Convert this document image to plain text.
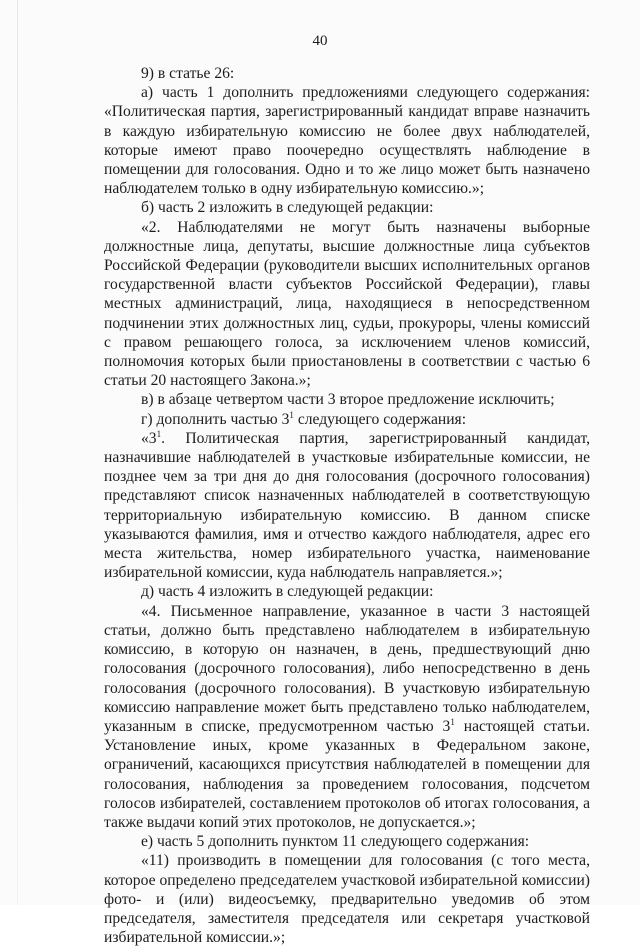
40

9) в статье 26:

а) часть 1 дополнить предложениями следующего содержания: «Политическая партия, зарегистрированный кандидат вправе назначить в каждую избирательную комиссию не более двух наблюдателей, которые имеют право поочередно осуществлять наблюдение в помещении для голосования. Одно и то же лицо может быть назначено наблюдателем только в одну избирательную комиссию.»;

б) часть 2 изложить в следующей редакции:

«2. Наблюдателями не могут быть назначены выборные должностные лица, депутаты, высшие должностные лица субъектов Российской Федерации (руководители высших исполнительных органов государственной власти субъектов Российской Федерации), главы местных администраций, лица, находящиеся в непосредственном подчинении этих должностных лиц, судьи, прокуроры, члены комиссий с правом решающего голоса, за исключением членов комиссий, полномочия которых были приостановлены в соответствии с частью 6 статьи 20 настоящего Закона.»;

в) в абзаце четвертом части 3 второе предложение исключить;

г) дополнить частью $3^1$ следующего содержания:

«$3^1$. Политическая партия, зарегистрированный кандидат, назначившие наблюдателей в участковые избирательные комиссии, не позднее чем за три дня до дня голосования (досрочного голосования) представляют список назначенных наблюдателей в соответствующую территориальную избирательную комиссию. В данном списке указываются фамилия, имя и отчество каждого наблюдателя, адрес его места жительства, номер избирательного участка, наименование избирательной комиссии, куда наблюдатель направляется.»;

д) часть 4 изложить в следующей редакции:

«4. Письменное направление, указанное в части 3 настоящей статьи, должно быть представлено наблюдателем в избирательную комиссию, в которую он назначен, в день, предшествующий дню голосования (досрочного голосования), либо непосредственно в день голосования (досрочного голосования). В участковую избирательную комиссию направление может быть представлено только наблюдателем, указанным в списке, предусмотренном частью $3^1$ настоящей статьи. Установление иных, кроме указанных в Федеральном законе, ограничений, касающихся присутствия наблюдателей в помещении для голосования, наблюдения за проведением голосования, подсчетом голосов избирателей, составлением протоколов об итогах голосования, а также выдачи копий этих протоколов, не допускается.»;

е) часть 5 дополнить пунктом 11 следующего содержания:

«11) производить в помещении для голосования (с того места, которое определено председателем участковой избирательной комиссии) фото- и (или) видеосъемку, предварительно уведомив об этом председателя, заместителя председателя или секретаря участковой избирательной комиссии.»;
